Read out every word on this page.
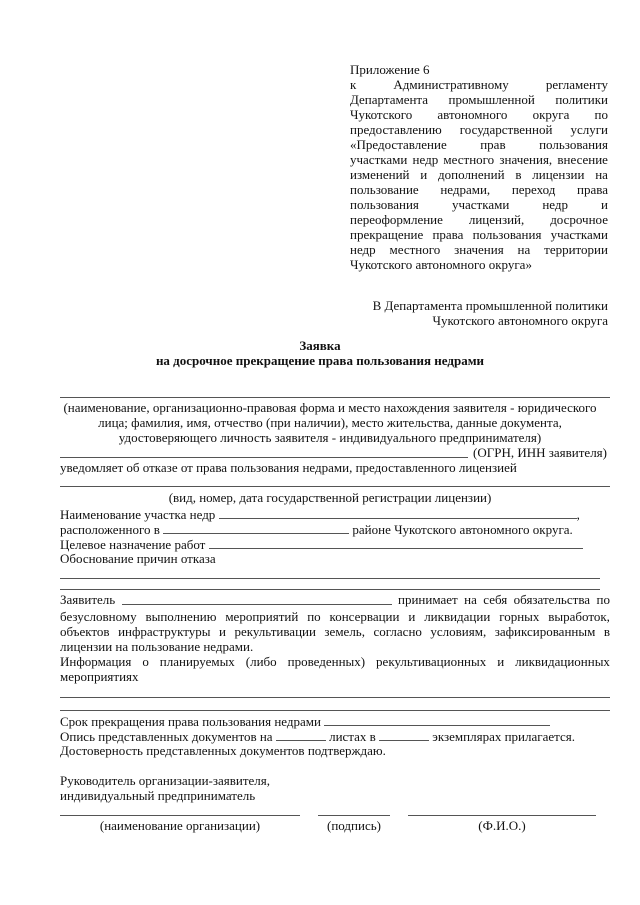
Приложение 6
к	Административному	регламенту
Департамента промышленной политики
Чукотского автономного округа по
предоставлению государственной услуги
«Предоставление	прав	пользования
участками недр местного значения, внесение
изменений и дополнений в лицензии на
пользование недрами, переход права
пользования	участками	недр	и
переоформление лицензий, досрочное
прекращение права пользования участками
недр местного значения на территории
Чукотского автономного округа»
В Департамента промышленной политики
Чукотского автономного округа
Заявка
на досрочное прекращение права пользования недрами
(наименование, организационно-правовая форма и место нахождения заявителя - юридического
лица; фамилия, имя, отчество (при наличии), место жительства, данные документа,
удостоверяющего личность заявителя - индивидуального предпринимателя)
(ОГРН, ИНН заявителя)
уведомляет об отказе от права пользования недрами, предоставленного лицензией
(вид, номер, дата государственной регистрации лицензии)
Наименование участка недр	,
расположенного в	районе Чукотского автономного округа.
Целевое назначение работ
Обоснование причин отказа
Заявитель	принимает на себя обязательства по
безусловному выполнению мероприятий по консервации и ликвидации горных выработок,
объектов инфраструктуры и рекультивации земель, согласно условиям, зафиксированным в
лицензии на пользование недрами.
Информация о планируемых (либо проведенных) рекультивационных и ликвидационных
мероприятиях
Срок прекращения права пользования недрами
Опись представленных документов на	листах в	экземплярах прилагается.
Достоверность представленных документов подтверждаю.
Руководитель организации-заявителя,
индивидуальный предприниматель
(наименование организации)	(подпись)	(Ф.И.О.)
